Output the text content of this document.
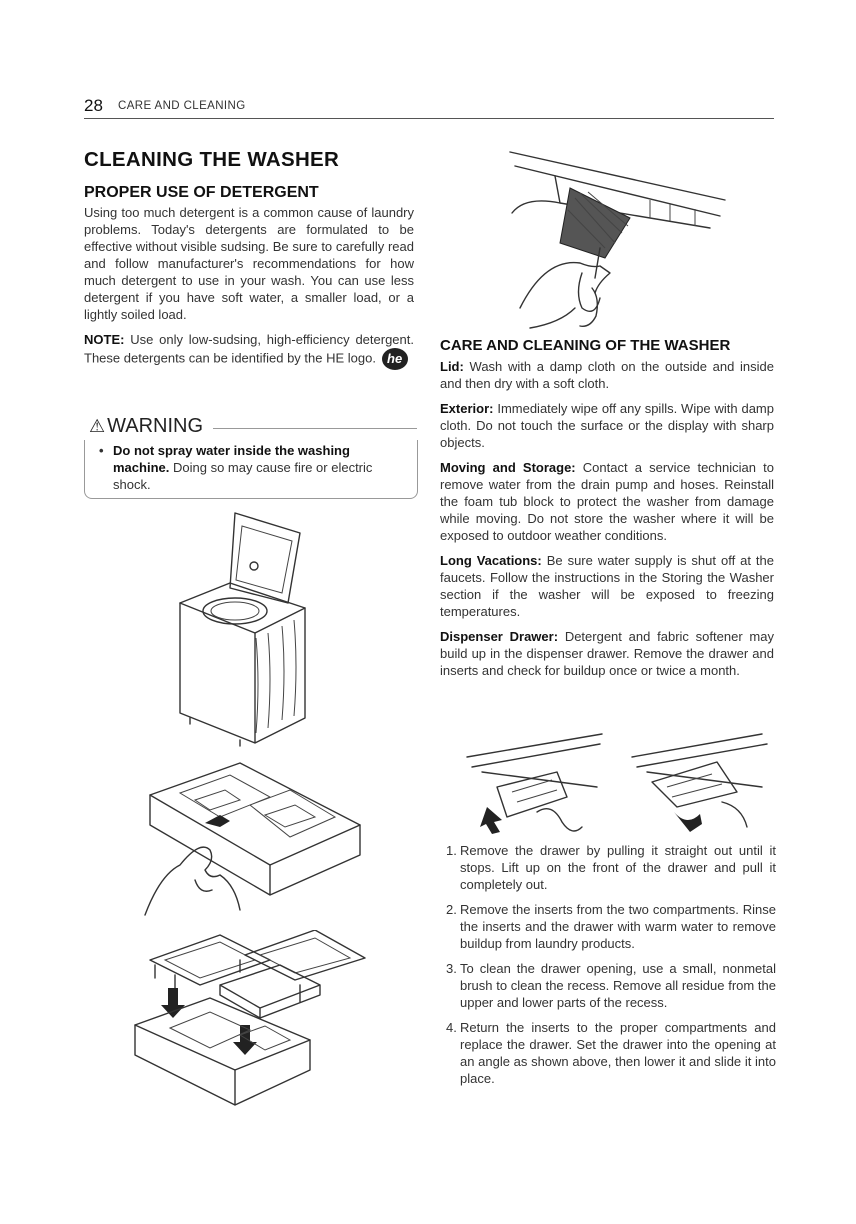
28 CARE AND CLEANING
CLEANING THE WASHER
PROPER USE OF DETERGENT

Using too much detergent is a common cause of laundry problems. Today's detergents are formulated to be effective without visible sudsing. Be sure to carefully read and follow manufacturer's recommendations for how much detergent to use in your wash. You can use less detergent if you have soft water, a smaller load, or a lightly soiled load.

NOTE: Use only low-sudsing, high-efficiency detergent. These detergents can be identified by the HE logo. he

⚠ WARNING
• Do not spray water inside the washing machine. Doing so may cause fire or electric shock.
CARE AND CLEANING OF THE WASHER

Lid: Wash with a damp cloth on the outside and inside and then dry with a soft cloth.

Exterior: Immediately wipe off any spills. Wipe with damp cloth. Do not touch the surface or the display with sharp objects.

Moving and Storage: Contact a service technician to remove water from the drain pump and hoses. Reinstall the foam tub block to protect the washer from damage while moving. Do not store the washer where it will be exposed to outdoor weather conditions.

Long Vacations: Be sure water supply is shut off at the faucets. Follow the instructions in the Storing the Washer section if the washer will be exposed to freezing temperatures.

Dispenser Drawer: Detergent and fabric softener may build up in the dispenser drawer. Remove the drawer and inserts and check for buildup once or twice a month.

1. Remove the drawer by pulling it straight out until it stops. Lift up on the front of the drawer and pull it completely out.
2. Remove the inserts from the two compartments. Rinse the inserts and the drawer with warm water to remove buildup from laundry products.
3. To clean the drawer opening, use a small, nonmetal brush to clean the recess. Remove all residue from the upper and lower parts of the recess.
4. Return the inserts to the proper compartments and replace the drawer. Set the drawer into the opening at an angle as shown above, then lower it and slide it into place.
